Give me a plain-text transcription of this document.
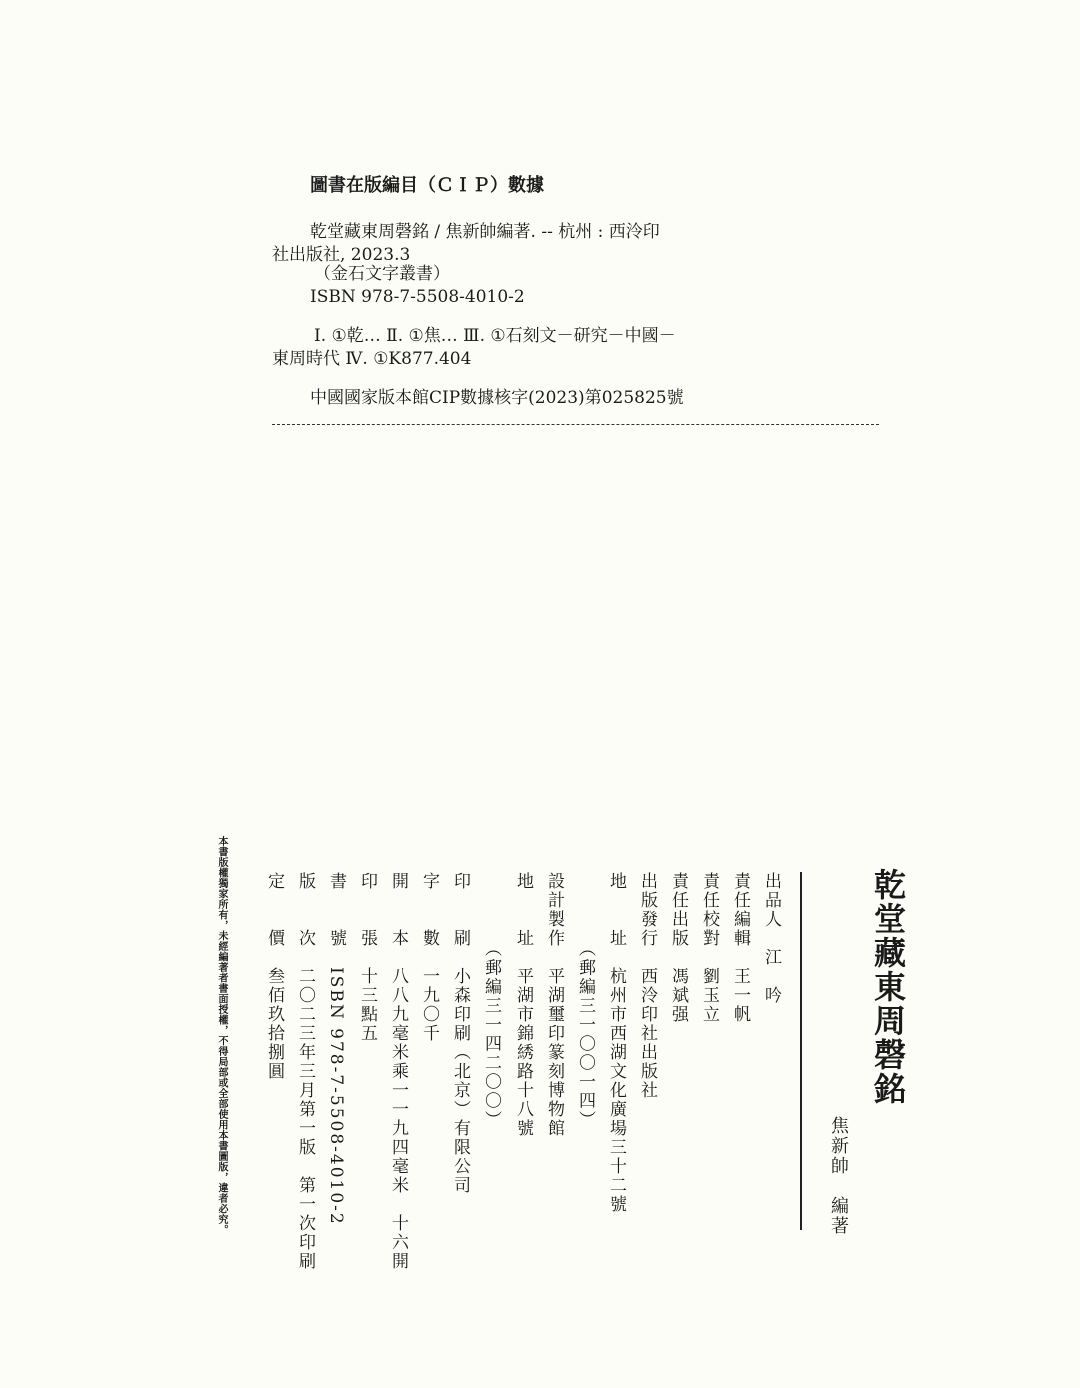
圖書在版編目（ＣＩＰ）數據
乾堂藏東周磬銘 / 焦新帥編著. -- 杭州 : 西泠印
社出版社, 2023.3
（金石文字叢書）
ISBN 978-7-5508-4010-2
Ⅰ. ①乾… Ⅱ. ①焦… Ⅲ. ①石刻文－研究－中國－
東周時代 Ⅳ. ①K877.404
中國國家版本館CIP數據核字(2023)第025825號
乾堂藏東周磬銘
焦新帥　編著
出品人　江　吟
責任編輯　王一帆
責任校對　劉玉立
責任出版　馮斌强
出版發行　西泠印社出版社
地　　址　杭州市西湖文化廣場三十二號
　　　　（郵編三一〇〇一四）
設計製作　平湖璽印篆刻博物館
地　　址　平湖市錦綉路十八號
　　　　（郵編三一四二〇〇）
印　　刷　小森印刷（北京）有限公司
字　　數　一九〇千
開　　本　八八九毫米乘一一九四毫米　十六開
印　　張　十三點五
書　　號　ISBN 978-7-5508-4010-2
版　　次　二〇二三年三月第一版　第一次印刷
定　　價　叁佰玖拾捌圓
本書版權獨家所有，未經編著者書面授權，不得局部或全部使用本書圖版，違者必究。
